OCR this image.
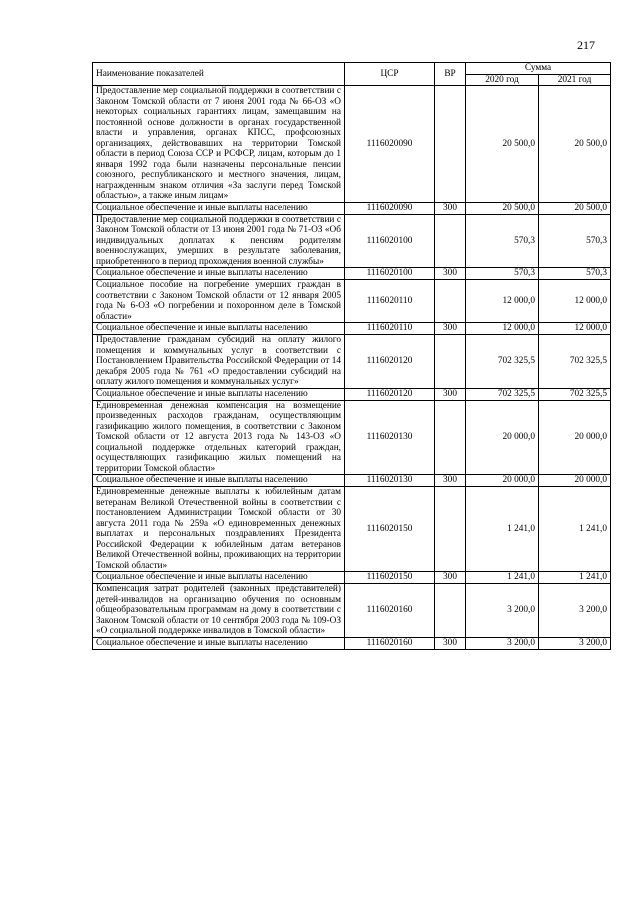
217
Наименование показателей	ЦСР	ВР	Сумма	
			2020 год	2021 год
Предоставление мер социальной поддержки в соответствии с Законом Томской области от 7 июня 2001 года № 66-ОЗ «О некоторых социальных гарантиях лицам, замещавшим на постоянной основе должности в органах государственной власти и управления, органах КПСС, профсоюзных организациях, действовавших на территории Томской области в период Союза ССР и РСФСР, лицам, которым до 1 января 1992 года были назначены персональные пенсии союзного, республиканского и местного значения, лицам, награжденным знаком отличия «За заслуги перед Томской областью», а также иным лицам»	1116020090		20 500,0	20 500,0
Социальное обеспечение и иные выплаты населению	1116020090	300	20 500,0	20 500,0
Предоставление мер социальной поддержки в соответствии с Законом Томской области от 13 июня 2001 года № 71-ОЗ «Об индивидуальных доплатах к пенсиям родителям военнослужащих, умерших в результате заболевания, приобретенного в период прохождения военной службы»	1116020100		570,3	570,3
Социальное обеспечение и иные выплаты населению	1116020100	300	570,3	570,3
Социальное пособие на погребение умерших граждан в соответствии с Законом Томской области от 12 января 2005 года № 6-ОЗ «О погребении и похоронном деле в Томской области»	1116020110		12 000,0	12 000,0
Социальное обеспечение и иные выплаты населению	1116020110	300	12 000,0	12 000,0
Предоставление гражданам субсидий на оплату жилого помещения и коммунальных услуг в соответствии с Постановлением Правительства Российской Федерации от 14 декабря 2005 года № 761 «О предоставлении субсидий на оплату жилого помещения и коммунальных услуг»	1116020120		702 325,5	702 325,5
Социальное обеспечение и иные выплаты населению	1116020120	300	702 325,5	702 325,5
Единовременная денежная компенсация на возмещение произведенных расходов гражданам, осуществляющим газификацию жилого помещения, в соответствии с Законом Томской области от 12 августа 2013 года № 143-ОЗ «О социальной поддержке отдельных категорий граждан, осуществляющих газификацию жилых помещений на территории Томской области»	1116020130		20 000,0	20 000,0
Социальное обеспечение и иные выплаты населению	1116020130	300	20 000,0	20 000,0
Единовременные денежные выплаты к юбилейным датам ветеранам Великой Отечественной войны в соответствии с постановлением Администрации Томской области от 30 августа 2011 года № 259а «О единовременных денежных выплатах и персональных поздравлениях Президента Российской Федерации к юбилейным датам ветеранов Великой Отечественной войны, проживающих на территории Томской области»	1116020150		1 241,0	1 241,0
Социальное обеспечение и иные выплаты населению	1116020150	300	1 241,0	1 241,0
Компенсация затрат родителей (законных представителей) детей-инвалидов на организацию обучения по основным общеобразовательным программам на дому в соответствии с Законом Томской области от 10 сентября 2003 года № 109-ОЗ «О социальной поддержке инвалидов в Томской области»	1116020160		3 200,0	3 200,0
Социальное обеспечение и иные выплаты населению	1116020160	300	3 200,0	3 200,0
